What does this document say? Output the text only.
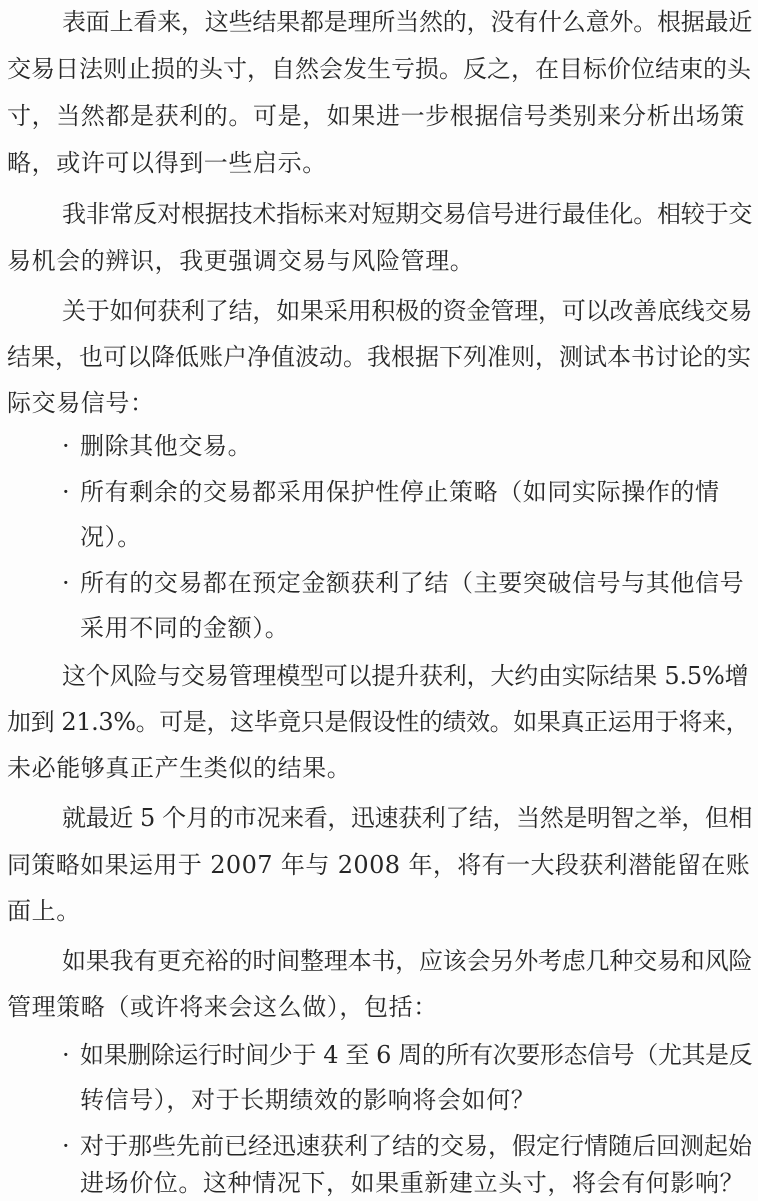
表面上看来，这些结果都是理所当然的，没有什么意外。根据最近
交易日法则止损的头寸，自然会发生亏损。反之，在目标价位结束的头
寸，当然都是获利的。可是，如果进一步根据信号类别来分析出场策
略，或许可以得到一些启示。
我非常反对根据技术指标来对短期交易信号进行最佳化。相较于交
易机会的辨识，我更强调交易与风险管理。
关于如何获利了结，如果采用积极的资金管理，可以改善底线交易
结果，也可以降低账户净值波动。我根据下列准则，测试本书讨论的实
际交易信号：
· 删除其他交易。
· 所有剩余的交易都采用保护性停止策略（如同实际操作的情
况）。
· 所有的交易都在预定金额获利了结（主要突破信号与其他信号
采用不同的金额）。
这个风险与交易管理模型可以提升获利，大约由实际结果 5.5%增
加到 21.3%。可是，这毕竟只是假设性的绩效。如果真正运用于将来，
未必能够真正产生类似的结果。
就最近 5 个月的市况来看，迅速获利了结，当然是明智之举，但相
同策略如果运用于 2007 年与 2008 年，将有一大段获利潜能留在账
面上。
如果我有更充裕的时间整理本书，应该会另外考虑几种交易和风险
管理策略（或许将来会这么做），包括：
· 如果删除运行时间少于 4 至 6 周的所有次要形态信号（尤其是反
转信号），对于长期绩效的影响将会如何？
· 对于那些先前已经迅速获利了结的交易，假定行情随后回测起始
进场价位。这种情况下，如果重新建立头寸，将会有何影响？
